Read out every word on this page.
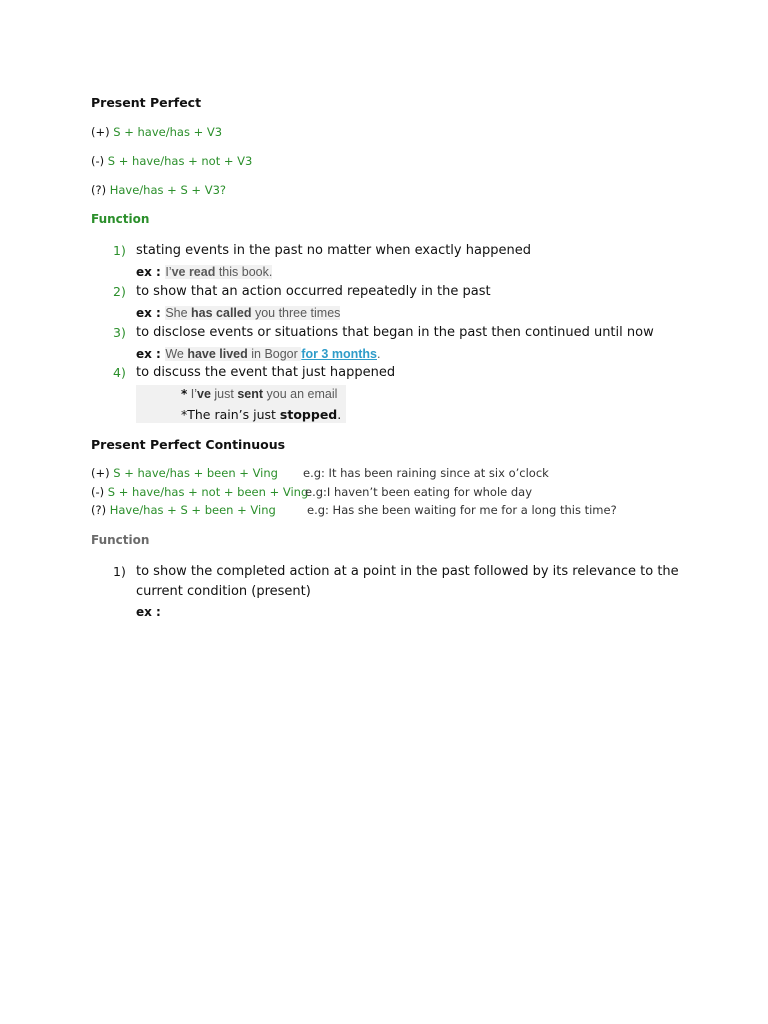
Present Perfect
(+) S + have/has + V3
(-) S + have/has + not + V3
(?) Have/has + S + V3?
Function
1) stating events in the past no matter when exactly happened
ex : I’ve read this book.
2) to show that an action occurred repeatedly in the past
ex : She has called you three times
3) to disclose events or situations that began in the past then continued until now
ex : We have lived in Bogor for 3 months.
4) to discuss the event that just happened
* I’ve just sent you an email
*The rain’s just stopped.
Present Perfect Continuous
(+) S + have/has + been + Ving e.g: It has been raining since at six o’clock
(-) S + have/has + not + been + Ving
e.g:I haven’t been eating for whole day
(?) Have/has + S + been + Ving	e.g: Has she been waiting for me for a long this time?
Function
1) to show the completed action at a point in the past followed by its relevance to the
current condition (present)
ex :
